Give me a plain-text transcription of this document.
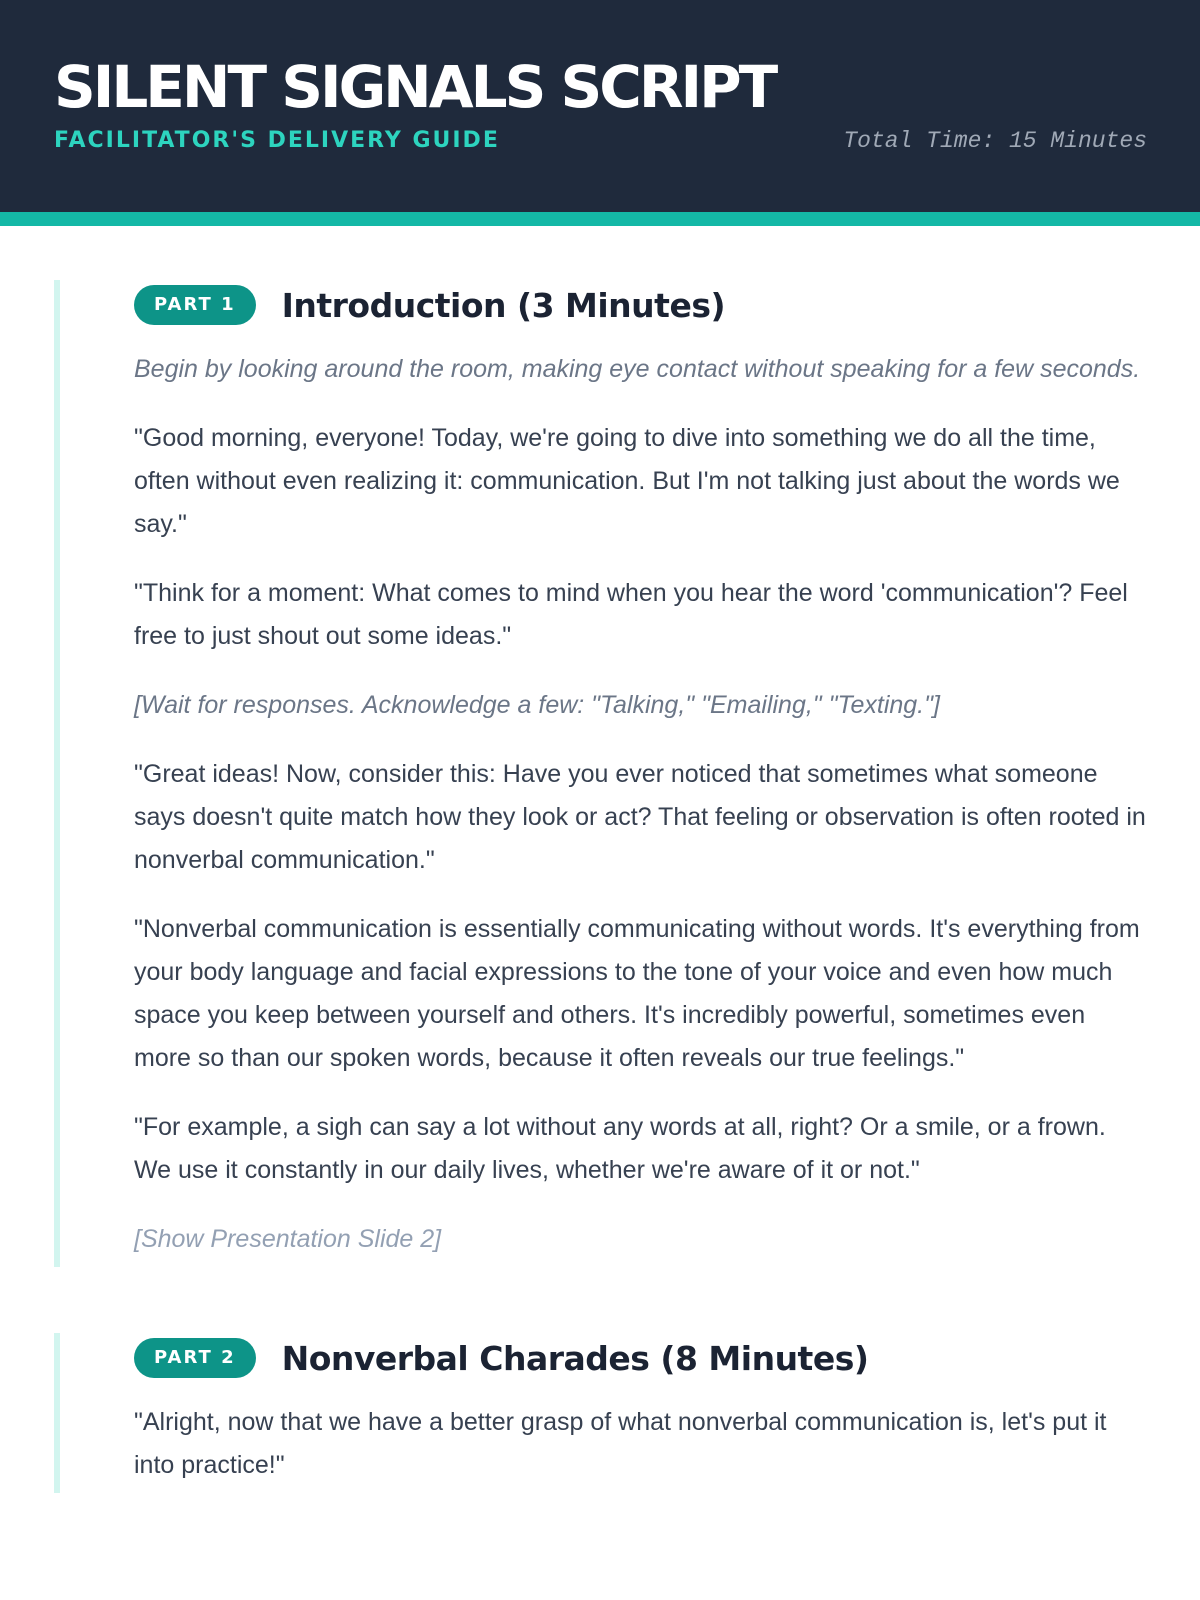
SILENT SIGNALS SCRIPT
FACILITATOR'S DELIVERY GUIDE	Total Time: 15 Minutes
PART 1	Introduction (3 Minutes)

Begin by looking around the room, making eye contact without speaking for a few seconds.

"Good morning, everyone! Today, we're going to dive into something we do all the time, often without even realizing it: communication. But I'm not talking just about the words we say."

"Think for a moment: What comes to mind when you hear the word 'communication'? Feel free to just shout out some ideas."

[Wait for responses. Acknowledge a few: "Talking," "Emailing," "Texting."]

"Great ideas! Now, consider this: Have you ever noticed that sometimes what someone says doesn't quite match how they look or act? That feeling or observation is often rooted in nonverbal communication."

"Nonverbal communication is essentially communicating without words. It's everything from your body language and facial expressions to the tone of your voice and even how much space you keep between yourself and others. It's incredibly powerful, sometimes even more so than our spoken words, because it often reveals our true feelings."

"For example, a sigh can say a lot without any words at all, right? Or a smile, or a frown. We use it constantly in our daily lives, whether we're aware of it or not."

[Show Presentation Slide 2]

PART 2	Nonverbal Charades (8 Minutes)

"Alright, now that we have a better grasp of what nonverbal communication is, let's put it into practice!"
